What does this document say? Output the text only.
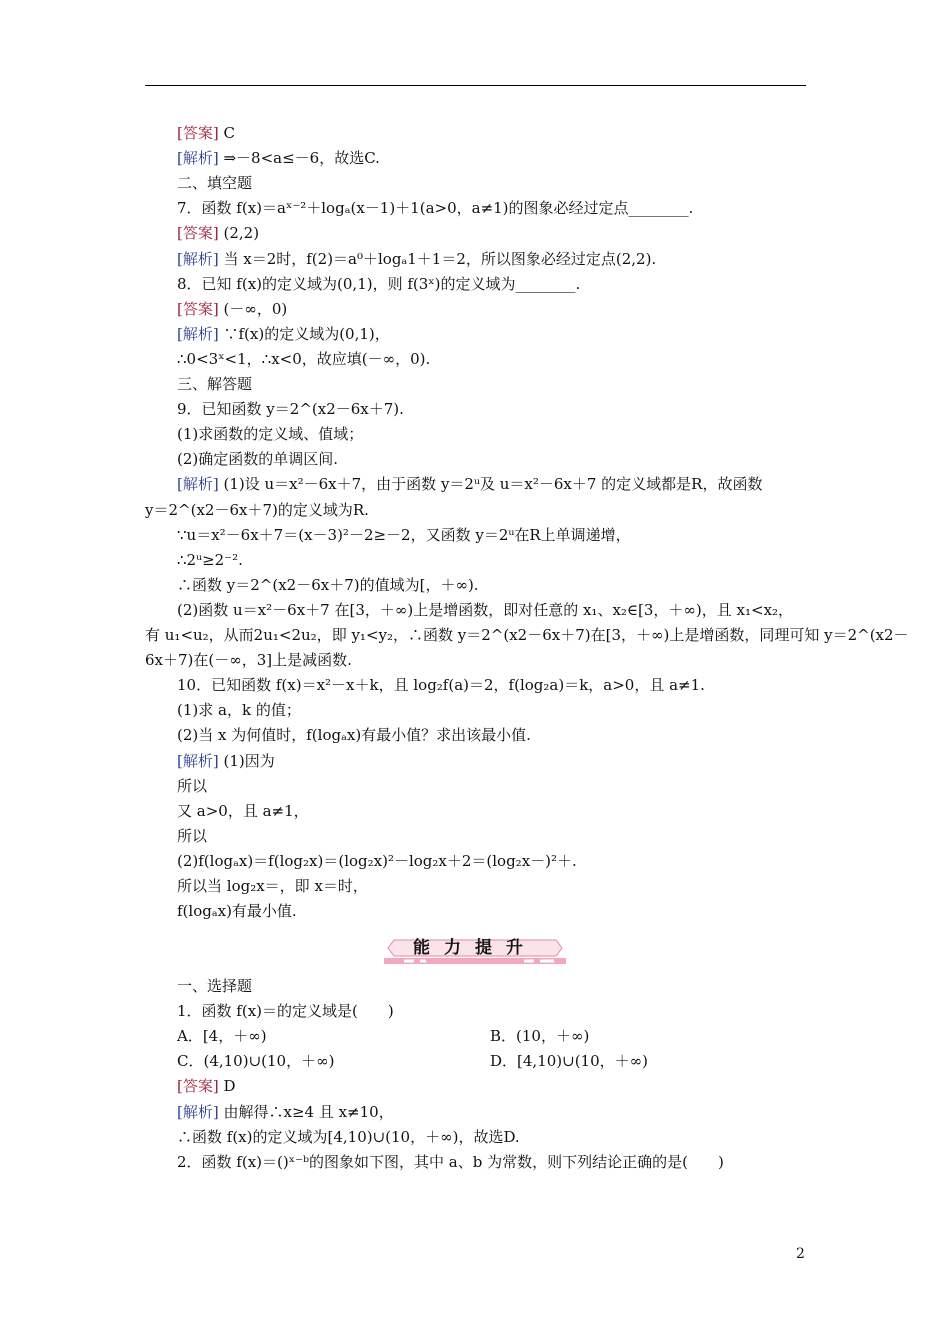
[答案] C
[解析] ⇒－8<a≤－6，故选C.
二、填空题
7．函数 f(x)＝aˣ⁻²＋logₐ(x－1)＋1(a>0，a≠1)的图象必经过定点________.
[答案] (2,2)
[解析] 当 x＝2时，f(2)＝a⁰＋logₐ1＋1＝2，所以图象必经过定点(2,2).
8．已知 f(x)的定义域为(0,1)，则 f(3ˣ)的定义域为________.
[答案] (－∞，0)
[解析] ∵f(x)的定义域为(0,1)，
∴0<3ˣ<1，∴x<0，故应填(－∞，0).
三、解答题
9．已知函数 y＝2^(x2－6x＋7).
(1)求函数的定义域、值域；
(2)确定函数的单调区间.
[解析] (1)设 u＝x²－6x＋7，由于函数 y＝2ᵘ及 u＝x²－6x＋7 的定义域都是R，故函数
y＝2^(x2－6x＋7)的定义域为R.
∵u＝x²－6x＋7＝(x－3)²－2≥－2，又函数 y＝2ᵘ在R上单调递增，
∴2ᵘ≥2⁻².
∴函数 y＝2^(x2－6x＋7)的值域为[，＋∞).
(2)函数 u＝x²－6x＋7 在[3，＋∞)上是增函数，即对任意的 x₁、x₂∈[3，＋∞)，且 x₁<x₂，
有 u₁<u₂，从而2u₁<2u₂，即 y₁<y₂，∴函数 y＝2^(x2－6x＋7)在[3，＋∞)上是增函数，同理可知 y＝2^(x2－
6x＋7)在(－∞，3]上是减函数.
10．已知函数 f(x)＝x²－x＋k，且 log₂f(a)＝2，f(log₂a)＝k，a>0，且 a≠1.
(1)求 a，k 的值；
(2)当 x 为何值时，f(logₐx)有最小值？求出该最小值.
[解析] (1)因为
所以
又 a>0，且 a≠1，
所以
(2)f(logₐx)＝f(log₂x)＝(log₂x)²－log₂x＋2＝(log₂x－)²＋.
所以当 log₂x＝，即 x＝时，
f(logₐx)有最小值.
能力提升
一、选择题
1．函数 f(x)＝的定义域是(　　)
A．[4，＋∞)	B．(10，＋∞)
C．(4,10)∪(10，＋∞)	D．[4,10)∪(10，＋∞)
[答案] D
[解析] 由解得∴x≥4 且 x≠10，
∴函数 f(x)的定义域为[4,10)∪(10，＋∞)，故选D.
2．函数 f(x)＝()ˣ⁻ᵇ的图象如下图，其中 a、b 为常数，则下列结论正确的是(　　)
2
